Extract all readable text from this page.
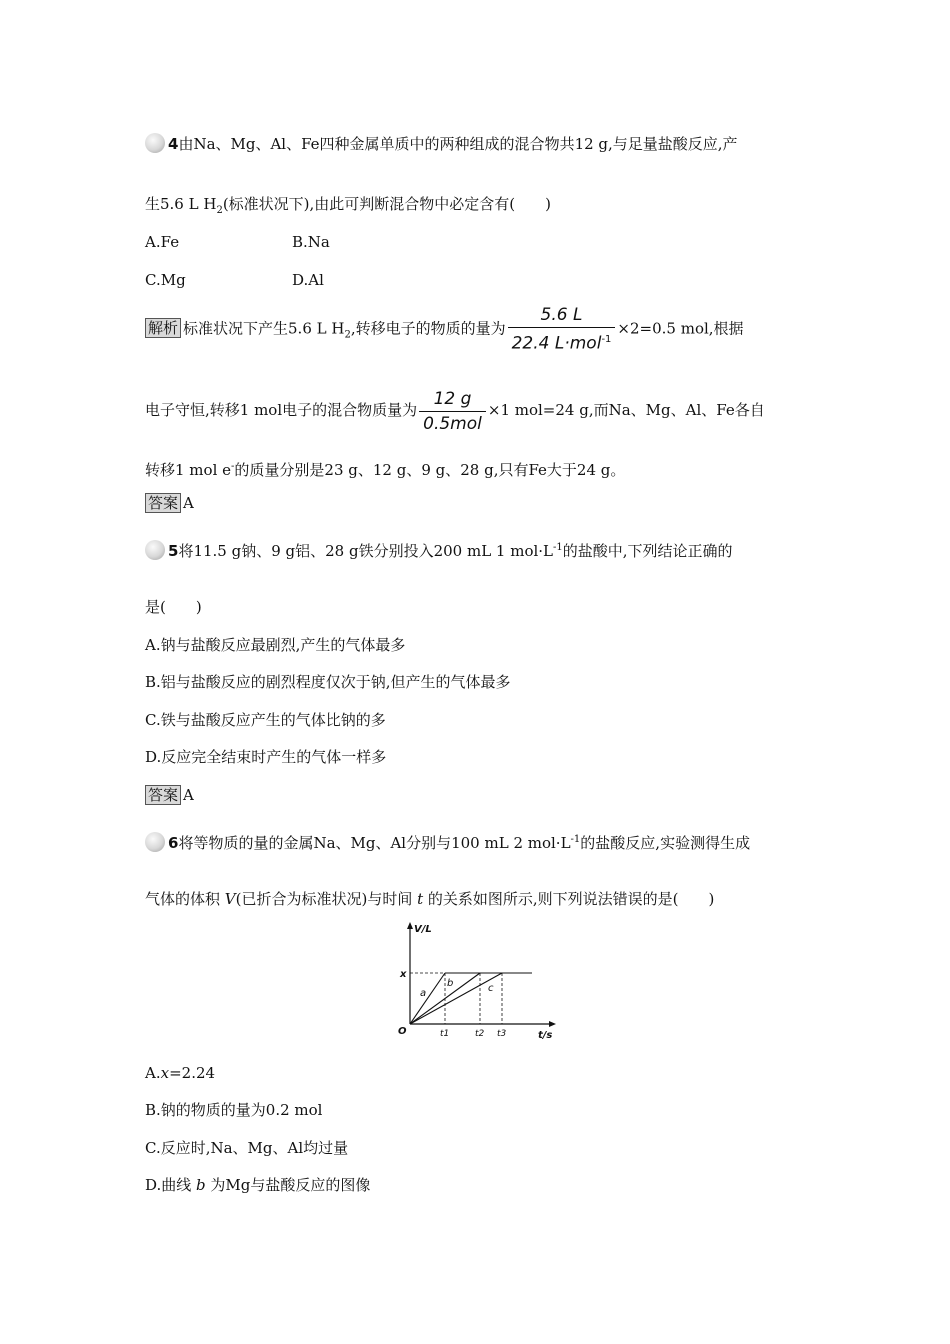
4由Na、Mg、Al、Fe四种金属单质中的两种组成的混合物共12 g,与足量盐酸反应,产
生5.6 L $H_2$(标准状况下),由此可判断混合物中必定含有(　　)
A.Fe	B.Na
C.Mg	D.Al
解析 标准状况下产生5.6 L $H_2$,转移电子的物质的量为 $\frac{5.6 L}{22.4 L\cdot mol^{-1}} \times 2=0.5$ mol,根据
电子守恒,转移1 mol电子的混合物质量为 $\frac{12 g}{\text{0.5mol}} \times 1$ mol=24 g,而Na、Mg、Al、Fe各自
转移1 mol e-的质量分别是23 g、12 g、9 g、28 g,只有Fe大于24 g。
答案 A
5将11.5 g钠、9 g铝、28 g铁分别投入200 mL 1 $mol\cdot L^{-1}$的盐酸中,下列结论正确的
是(　　)
A.钠与盐酸反应最剧烈,产生的气体最多
B.铝与盐酸反应的剧烈程度仅次于钠,但产生的气体最多
C.铁与盐酸反应产生的气体比钠的多
D.反应完全结束时产生的气体一样多
答案 A
6将等物质的量的金属Na、Mg、Al分别与100 mL 2 $mol\cdot L^{-1}$的盐酸反应,实验测得生成
气体的体积 V(已折合为标准状况)与时间 t 的关系如图所示,则下列说法错误的是(　　)
V/L
t/s
O
x
a
b	c
t1	t2 t3
A.x=2.24
B.钠的物质的量为0.2 mol
C.反应时,Na、Mg、Al均过量
D.曲线 b 为Mg与盐酸反应的图像
